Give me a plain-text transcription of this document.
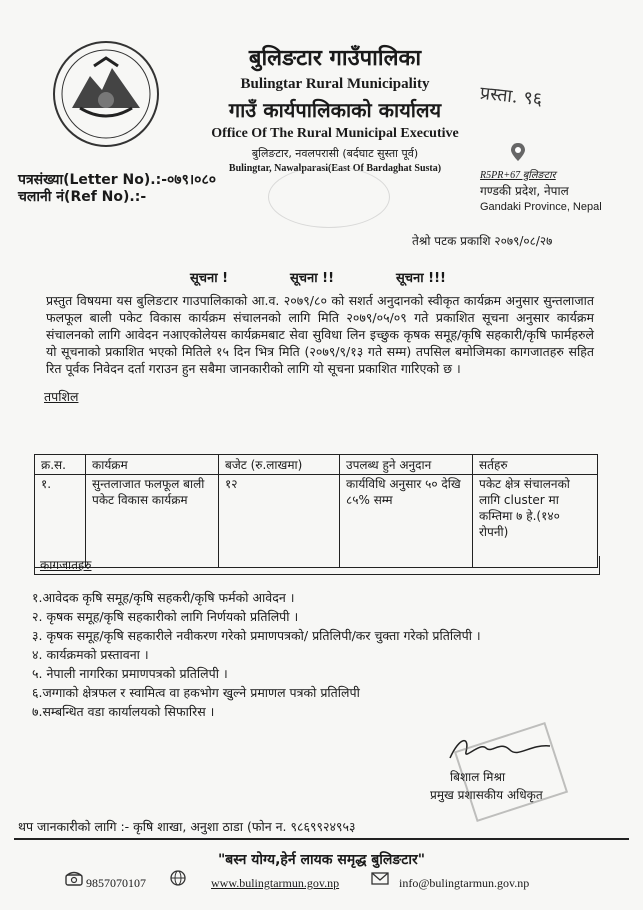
बुलिङटार गाउँपालिका
Bulingtar Rural Municipality
गाउँ कार्यपालिकाको कार्यालय
Office Of The Rural Municipal Executive
बुलिङटार, नवलपरासी (बर्दघाट सुस्ता पूर्व)
Bulingtar, Nawalparasi(East Of Bardaghat Susta)
प्रस्ता. ९६
R5PR+67 बुलिङटार
गण्डकी प्रदेश, नेपाल
Gandaki Province, Nepal
पत्रसंख्या(Letter No).:-०७९।०८०
चलानी नं(Ref No).:-
तेश्रो पटक प्रकाशि २०७९/०८/२७
सूचना !	सूचना !!	सूचना !!!
प्रस्तुत विषयमा यस बुलिङटार गाउपालिकाको आ.व. २०७९/८० को सशर्त अनुदानको स्वीकृत कार्यक्रम अनुसार सुन्तलाजात फलफूल बाली पकेट विकास कार्यक्रम संचालनको लागि मिति २०७९/०५/०९ गते प्रकाशित सूचना अनुसार कार्यक्रम संचालनको लागि आवेदन नआएकोलेयस कार्यक्रमबाट सेवा सुविधा लिन इच्छुक कृषक समूह/कृषि सहकारी/कृषि फार्महरुले यो सूचनाको प्रकाशित भएको मितिले १५ दिन भित्र मिति (२०७९/९/१३ गते सम्म) तपसिल बमोजिमका कागजातहरु सहित रित पूर्वक निवेदन दर्ता गराउन हुन सबैमा जानकारीको लागि यो सूचना प्रकाशित गारिएको छ ।
तपशिल
क्र.स.	कार्यक्रम	बजेट (रु.लाखमा)	उपलब्ध हुने अनुदान	सर्तहरु
१.	सुन्तलाजात फलफूल बाली पकेट विकास कार्यक्रम	१२	कार्यविधि अनुसार ५० देखि ८५% सम्म	पकेट क्षेत्र संचालनको लागि cluster मा कम्तिमा ७ हे.(१४० रोपनी)
कागजातहरु
१.आवेदक कृषि समूह/कृषि सहकरी/कृषि फर्मको आवेदन ।
२. कृषक समूह/कृषि सहकारीको लागि निर्णयको प्रतिलिपी ।
३. कृषक समूह/कृषि सहकारीले नवीकरण गरेको प्रमाणपत्रको/ प्रतिलिपी/कर चुक्ता गरेको प्रतिलिपी ।
४. कार्यक्रमको प्रस्तावना ।
५. नेपाली नागरिका प्रमाणपत्रको प्रतिलिपी ।
६.जग्गाको क्षेत्रफल र स्वामित्व वा हकभोग खुल्ने प्रमाणल पत्रको प्रतिलिपी
७.सम्बन्धित वडा कार्यालयको सिफारिस ।
बिशाल मिश्रा
प्रमुख प्रशासकीय अधिकृत
थप जानकारीको लागि :- कृषि शाखा, अनुशा ठाडा (फोन न. ९८६९९२४९५३
"बस्न योग्य,हेर्न लायक समृद्ध बुलिङटार"
9857070107	www.bulingtarmun.gov.np	info@bulingtarmun.gov.np
